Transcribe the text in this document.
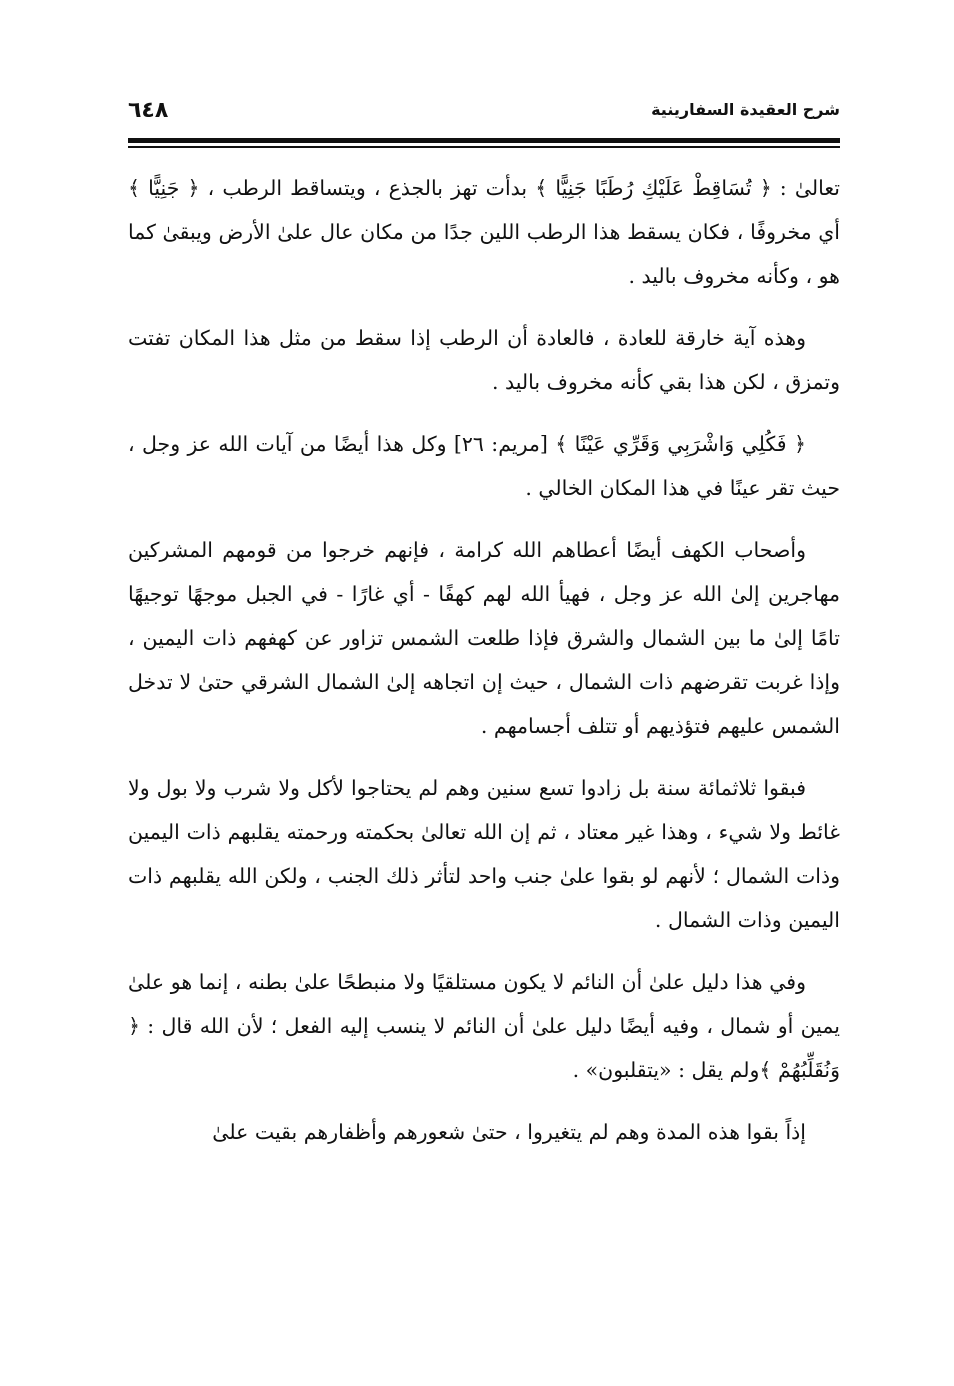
شرح العقيدة السفارينية
٦٤٨

تعالىٰ : ﴿ تُسَاقِطْ عَلَيْكِ رُطَبًا جَنِيًّا ﴾ بدأت تهز بالجذع ، ويتساقط الرطب ، ﴿ جَنِيًّا ﴾ أي مخروفًا ، فكان يسقط هذا الرطب اللين جدًا من مكان عال علىٰ الأرض ويبقىٰ كما هو ، وكأنه مخروف باليد .

وهذه آية خارقة للعادة ، فالعادة أن الرطب إذا سقط من مثل هذا المكان تفتت وتمزق ، لكن هذا بقي كأنه مخروف باليد .

﴿ فَكُلِي وَاشْرَبِي وَقَرِّي عَيْنًا ﴾ [مريم: ٢٦] وكل هذا أيضًا من آيات الله عز وجل ، حيث تقر عينًا في هذا المكان الخالي .

وأصحاب الكهف أيضًا أعطاهم الله كرامة ، فإنهم خرجوا من قومهم المشركين مهاجرين إلىٰ الله عز وجل ، فهيأ الله لهم كهفًا - أي غارًا - في الجبل موجهًا توجيهًا تامًا إلىٰ ما بين الشمال والشرق فإذا طلعت الشمس تزاور عن كهفهم ذات اليمين ، وإذا غربت تقرضهم ذات الشمال ، حيث إن اتجاهه إلىٰ الشمال الشرقي حتىٰ لا تدخل الشمس عليهم فتؤذيهم أو تتلف أجسامهم .

فبقوا ثلاثمائة سنة بل زادوا تسع سنين وهم لم يحتاجوا لأكل ولا شرب ولا بول ولا غائط ولا شيء ، وهذا غير معتاد ، ثم إن الله تعالىٰ بحكمته ورحمته يقلبهم ذات اليمين وذات الشمال ؛ لأنهم لو بقوا علىٰ جنب واحد لتأثر ذلك الجنب ، ولكن الله يقلبهم ذات اليمين وذات الشمال .

وفي هذا دليل علىٰ أن النائم لا يكون مستلقيًا ولا منبطحًا علىٰ بطنه ، إنما هو علىٰ يمين أو شمال ، وفيه أيضًا دليل علىٰ أن النائم لا ينسب إليه الفعل ؛ لأن الله قال : ﴿ وَنُقَلِّبُهُمْ ﴾ولم يقل : «يتقلبون» .

إذاً بقوا هذه المدة وهم لم يتغيروا ، حتىٰ شعورهم وأظفارهم بقيت علىٰ
